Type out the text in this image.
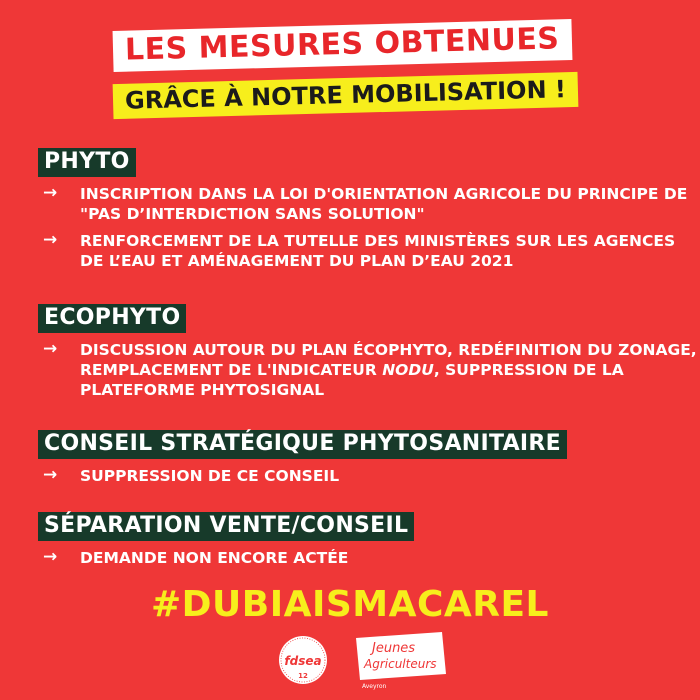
LES MESURES OBTENUES
GRÂCE À NOTRE MOBILISATION !
PHYTO
→ INSCRIPTION DANS LA LOI D'ORIENTATION AGRICOLE DU PRINCIPE DE "PAS D’INTERDICTION SANS SOLUTION"
→ RENFORCEMENT DE LA TUTELLE DES MINISTÈRES SUR LES AGENCES DE L’EAU ET AMÉNAGEMENT DU PLAN D’EAU 2021
ECOPHYTO
→ DISCUSSION AUTOUR DU PLAN ÉCOPHYTO, REDÉFINITION DU ZONAGE, REMPLACEMENT DE L'INDICATEUR NODU, SUPPRESSION DE LA PLATEFORME PHYTOSIGNAL
CONSEIL STRATÉGIQUE PHYTOSANITAIRE
→ SUPPRESSION DE CE CONSEIL
SÉPARATION VENTE/CONSEIL
→ DEMANDE NON ENCORE ACTÉE
#DUBIAISMACAREL
fdsea
12
Jeunes
Agriculteurs
Aveyron
